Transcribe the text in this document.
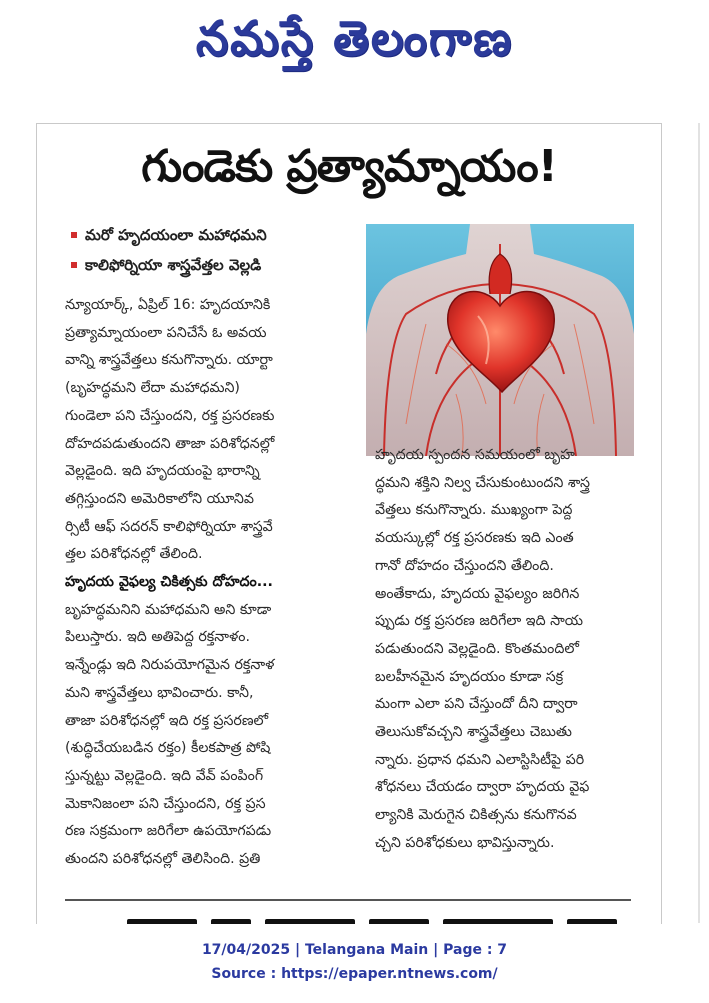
నమస్తే తెలంగాణ
గుండెకు ప్రత్యామ్నాయం!
మరో హృదయంలా మహాధమని
కాలిఫోర్నియా శాస్త్రవేత్తల వెల్లడి
న్యూయార్క్, ఏప్రిల్ 16: హృదయానికి
ప్రత్యామ్నాయంలా పనిచేసే ఓ అవయ
వాన్ని శాస్త్రవేత్తలు కనుగొన్నారు. యార్టా
(బృహద్ధమని లేదా మహాధమని)
గుండెలా పని చేస్తుందని, రక్త ప్రసరణకు
దోహదపడుతుందని తాజా పరిశోధనల్లో
వెల్లడైంది. ఇది హృదయంపై భారాన్ని
తగ్గిస్తుందని అమెరికాలోని యూనివ
ర్సిటీ ఆఫ్ సదరన్ కాలిఫోర్నియా శాస్త్రవే
త్తల పరిశోధనల్లో తేలింది.
హృదయ వైఫల్య చికిత్సకు దోహదం...
బృహద్ధమనిని మహాధమని అని కూడా
పిలుస్తారు. ఇది అతిపెద్ద రక్తనాళం.
ఇన్నేండ్లు ఇది నిరుపయోగమైన రక్తనాళ
మని శాస్త్రవేత్తలు భావించారు. కానీ,
తాజా పరిశోధనల్లో ఇది రక్త ప్రసరణలో
(శుద్ధిచేయబడిన రక్తం) కీలకపాత్ర పోషి
స్తున్నట్టు వెల్లడైంది. ఇది వేవ్ పంపింగ్
మెకానిజంలా పని చేస్తుందని, రక్త ప్రస
రణ సక్రమంగా జరిగేలా ఉపయోగపడు
తుందని పరిశోధనల్లో తెలిసింది. ప్రతి
హృదయ స్పందన సమయంలో బృహ
ద్ధమని శక్తిని నిల్వ చేసుకుంటుందని శాస్త్ర
వేత్తలు కనుగొన్నారు. ముఖ్యంగా పెద్ద
వయస్కుల్లో రక్త ప్రసరణకు ఇది ఎంత
గానో దోహదం చేస్తుందని తేలింది.
అంతేకాదు, హృదయ వైఫల్యం జరిగిన
ప్పుడు రక్త ప్రసరణ జరిగేలా ఇది సాయ
పడుతుందని వెల్లడైంది. కొంతమందిలో
బలహీనమైన హృదయం కూడా సక్ర
మంగా ఎలా పని చేస్తుందో దీని ద్వారా
తెలుసుకోవచ్చని శాస్త్రవేత్తలు చెబుతు
న్నారు. ప్రధాన ధమని ఎలాస్టిసిటీపై పరి
శోధనలు చేయడం ద్వారా హృదయ వైఫ
ల్యానికి మెరుగైన చికిత్సను కనుగొనవ
చ్చని పరిశోధకులు భావిస్తున్నారు.
17/04/2025 | Telangana Main | Page : 7
Source : https://epaper.ntnews.com/
